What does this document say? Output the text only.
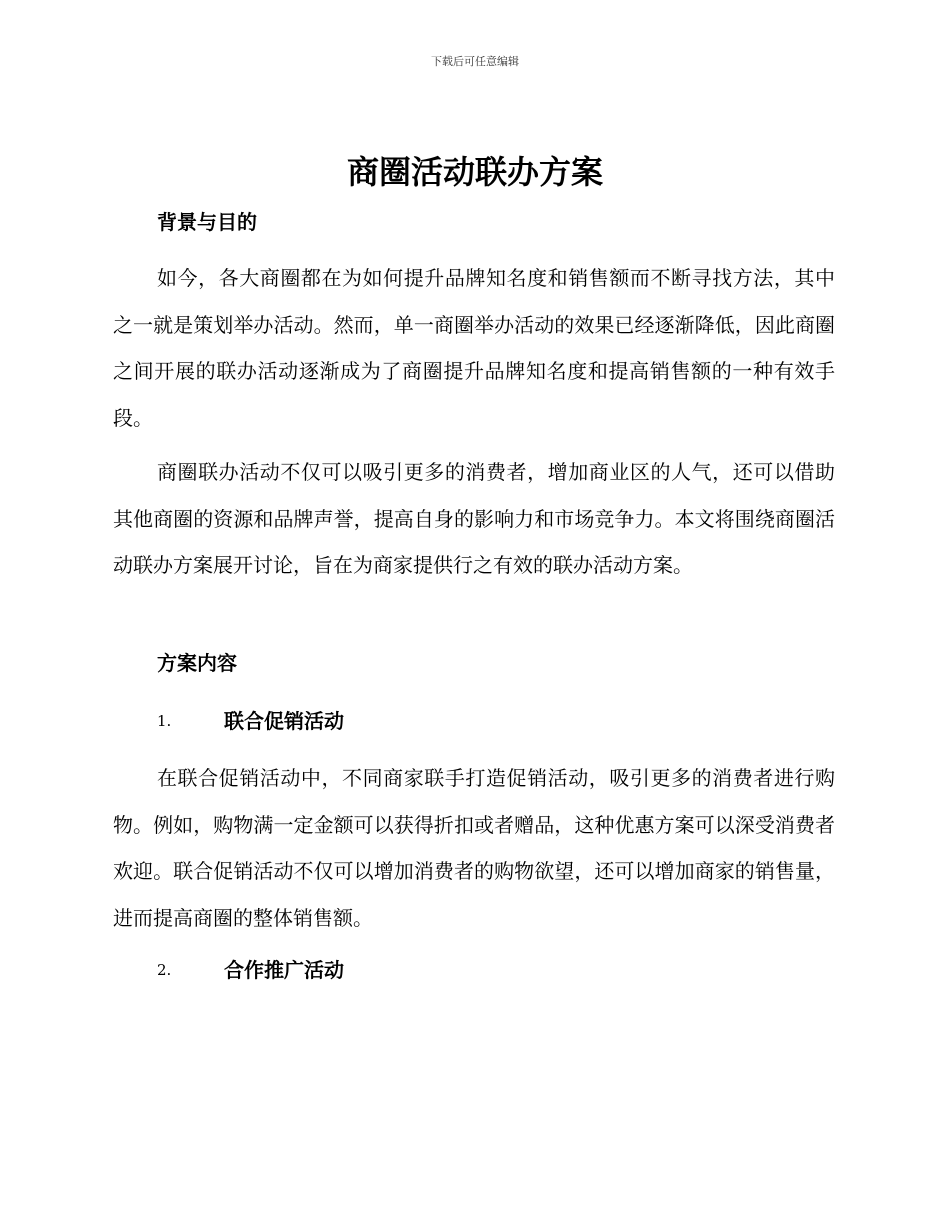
下载后可任意编辑
商圈活动联办方案
背景与目的

如今，各大商圈都在为如何提升品牌知名度和销售额而不断寻找方法，其中之一就是策划举办活动。然而，单一商圈举办活动的效果已经逐渐降低，因此商圈之间开展的联办活动逐渐成为了商圈提升品牌知名度和提高销售额的一种有效手段。

商圈联办活动不仅可以吸引更多的消费者，增加商业区的人气，还可以借助其他商圈的资源和品牌声誉，提高自身的影响力和市场竞争力。本文将围绕商圈活动联办方案展开讨论，旨在为商家提供行之有效的联办活动方案。

方案内容
1.	联合促销活动

在联合促销活动中，不同商家联手打造促销活动，吸引更多的消费者进行购物。例如，购物满一定金额可以获得折扣或者赠品，这种优惠方案可以深受消费者欢迎。联合促销活动不仅可以增加消费者的购物欲望，还可以增加商家的销售量，进而提高商圈的整体销售额。

2.	合作推广活动
